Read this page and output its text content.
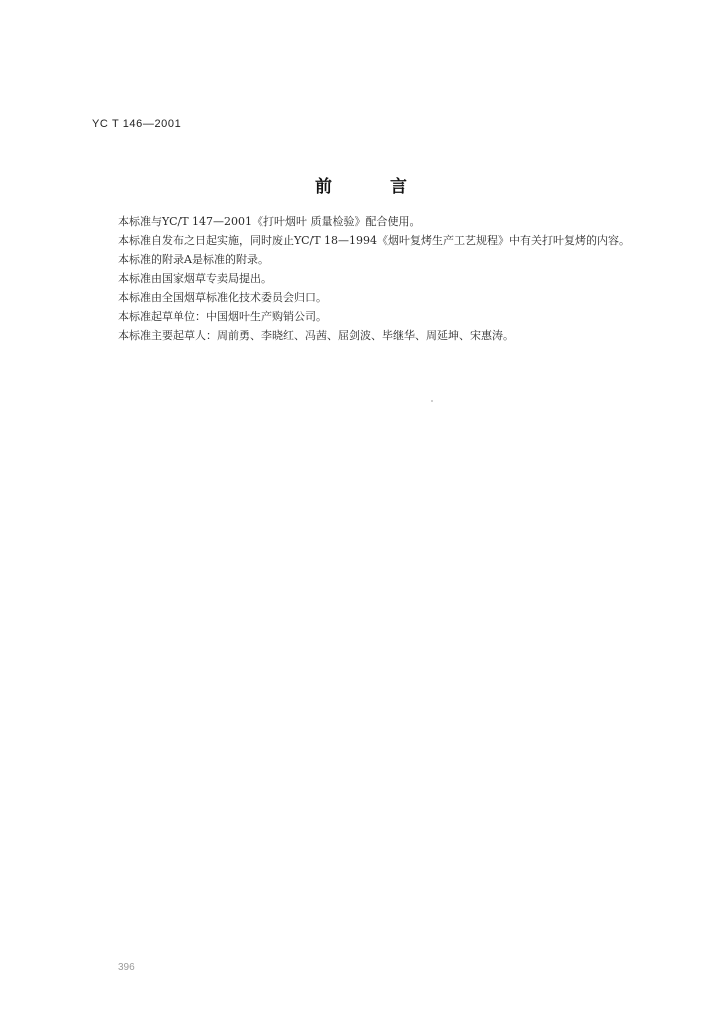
YC T 146—2001
前言

本标准与YC/T 147—2001《打叶烟叶 质量检验》配合使用。

本标准自发布之日起实施，同时废止YC/T 18—1994《烟叶复烤生产工艺规程》中有关打叶复烤的内容。

本标准的附录A是标准的附录。

本标准由国家烟草专卖局提出。

本标准由全国烟草标准化技术委员会归口。

本标准起草单位：中国烟叶生产购销公司。

本标准主要起草人：周前勇、李晓红、冯茜、屈剑波、毕继华、周延坤、宋惠涛。

396
